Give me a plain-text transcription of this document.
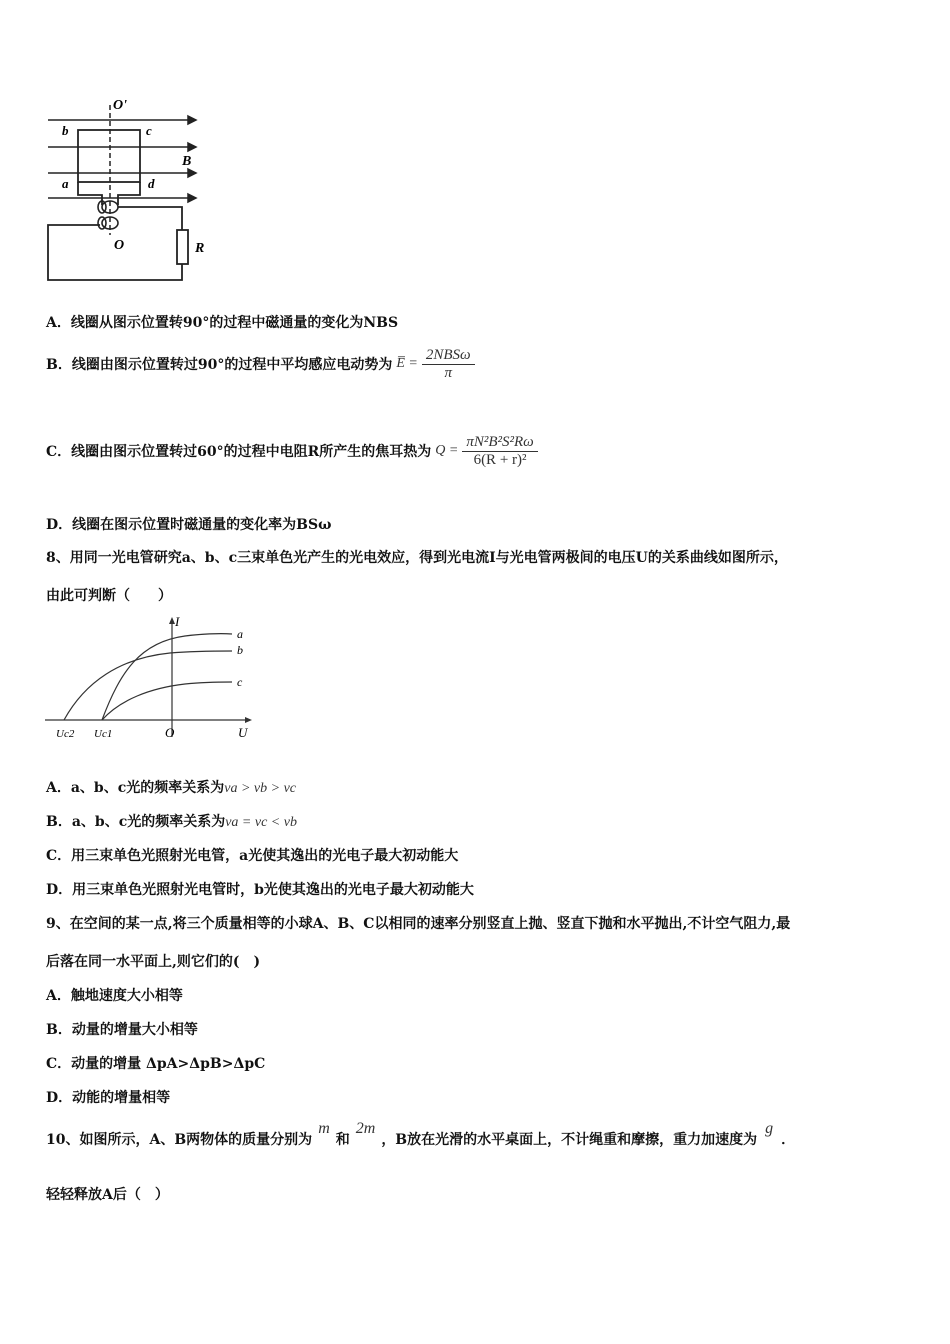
O'
b	c
B
a	d
O	R
A．线圈从图示位置转90°的过程中磁通量的变化为NBS
B．线圈由图示位置转过90°的过程中平均感应电动势为 E̅ = $\frac{\text{2NBSω}}{\pi}$
C．线圈由图示位置转过60°的过程中电阻R所产生的焦耳热为 $Q = \frac{\text{πN²B²S²Rω}}{\text{6(R + r)²}}$
D．线圈在图示位置时磁通量的变化率为BSω
8、用同一光电管研究a、b、c三束单色光产生的光电效应，得到光电流I与光电管两极间的电压U的关系曲线如图所示，
由此可判断（　　）
I
U
O
Uc2 Uc1
a
b
c
A．a、b、c光的频率关系为νa > νb > νc
B．a、b、c光的频率关系为νa = νc < νb
C．用三束单色光照射光电管，a光使其逸出的光电子最大初动能大
D．用三束单色光照射光电管时，b光使其逸出的光电子最大初动能大
9、在空间的某一点,将三个质量相等的小球A、B、C以相同的速率分别竖直上抛、竖直下抛和水平抛出,不计空气阻力,最
后落在同一水平面上,则它们的(　)
A．触地速度大小相等
B．动量的增量大小相等
C．动量的增量 ΔpA>ΔpB>ΔpC
D．动能的增量相等
10、如图所示，A、B两物体的质量分别为
m
和
2m
，B放在光滑的水平桌面上，不计绳重和摩擦，重力加速度为
g
．
轻轻释放A后（　）
